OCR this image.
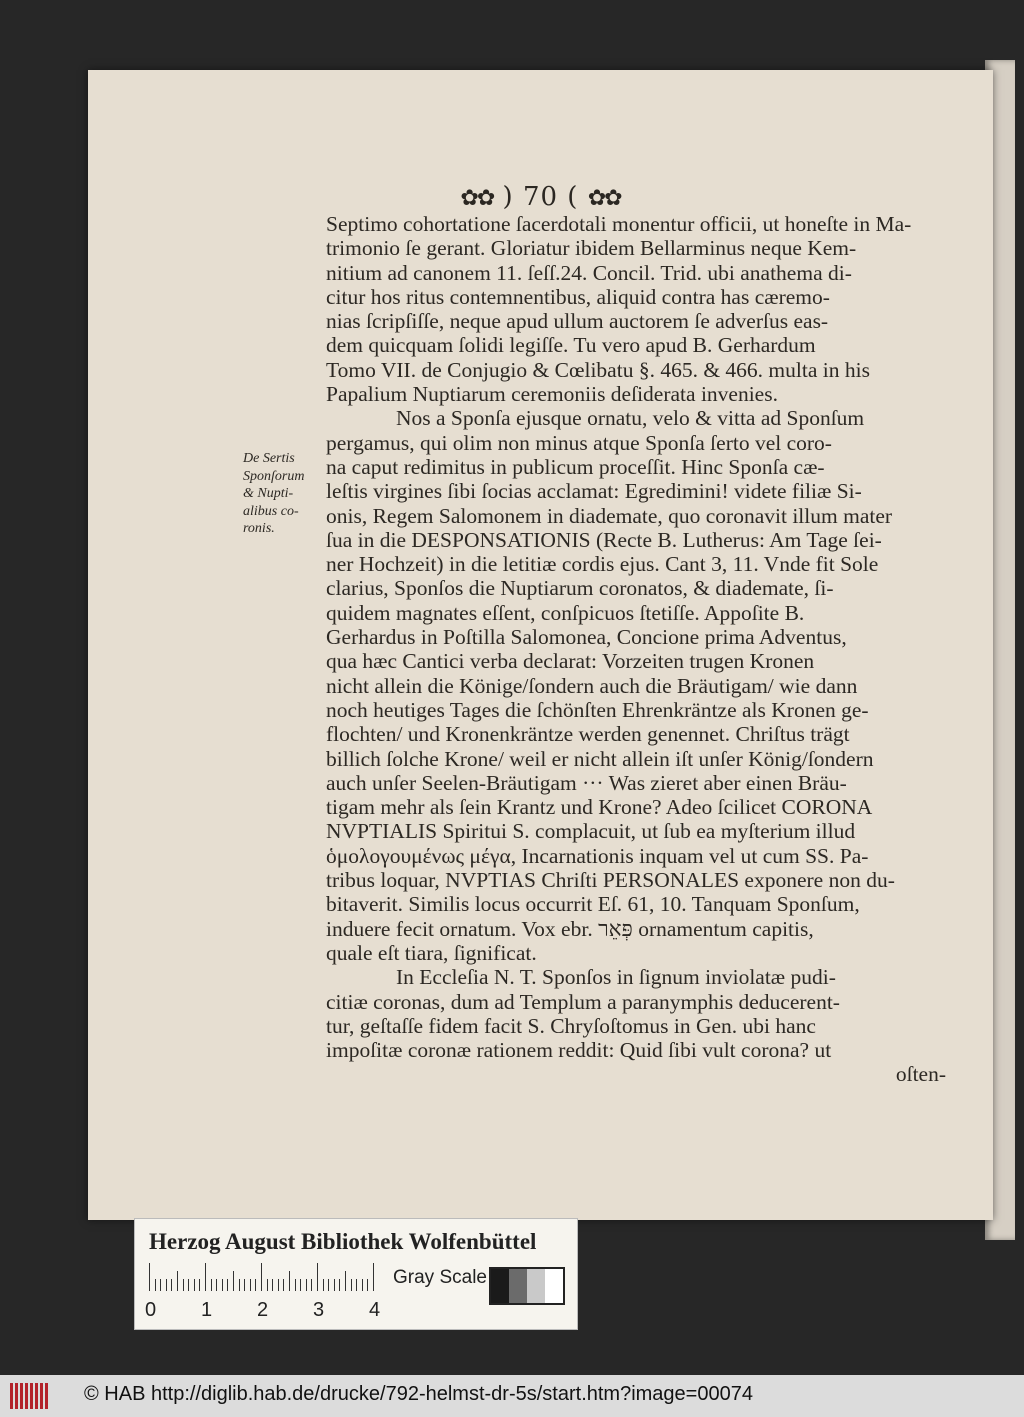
✿✿ ) 70 ( ✿✿
De Sertis
Sponſorum
& Nupti-
alibus co-
ronis.
Septimo cohortatione ſacerdotali monentur officii, ut honeſte in Ma-
trimonio ſe gerant. Gloriatur ibidem Bellarminus neque Kem-
nitium ad canonem 11. ſeſſ.24. Concil. Trid. ubi anathema di-
citur hos ritus contemnentibus, aliquid contra has cæremo-
nias ſcripſiſſe, neque apud ullum auctorem ſe adverſus eas-
dem quicquam ſolidi legiſſe. Tu vero apud B. Gerhardum
Tomo VII. de Conjugio & Cœlibatu §. 465. & 466. multa in his
Papalium Nuptiarum ceremoniis deſiderata invenies.
Nos a Sponſa ejusque ornatu, velo & vitta ad Sponſum
pergamus, qui olim non minus atque Sponſa ſerto vel coro-
na caput redimitus in publicum proceſſit. Hinc Sponſa cæ-
leſtis virgines ſibi ſocias acclamat: Egredimini! videte filiæ Si-
onis, Regem Salomonem in diademate, quo coronavit illum mater
ſua in die DESPONSATIONIS (Recte B. Lutherus: Am Tage ſei-
ner Hochzeit) in die letitiæ cordis ejus. Cant 3, 11. Vnde fit Sole
clarius, Sponſos die Nuptiarum coronatos, & diademate, ſi-
quidem magnates eſſent, conſpicuos ſtetiſſe. Appoſite B.
Gerhardus in Poſtilla Salomonea, Concione prima Adventus,
qua hæc Cantici verba declarat: Vorzeiten trugen Kronen
nicht allein die Könige/ſondern auch die Bräutigam/ wie dann
noch heutiges Tages die ſchönſten Ehrenkräntze als Kronen ge-
flochten/ und Kronenkräntze werden genennet. Chriſtus trägt
billich ſolche Krone/ weil er nicht allein iſt unſer König/ſondern
auch unſer Seelen-Bräutigam ··· Was zieret aber einen Bräu-
tigam mehr als ſein Krantz und Krone? Adeo ſcilicet CORONA
NVPTIALIS Spiritui S. complacuit, ut ſub ea myſterium illud
ὁμολογουμένως μέγα, Incarnationis inquam vel ut cum SS. Pa-
tribus loquar, NVPTIAS Chriſti PERSONALES exponere non du-
bitaverit. Similis locus occurrit Eſ. 61, 10. Tanquam Sponſum,
induere fecit ornatum. Vox ebr. פְּאֵר ornamentum capitis,
quale eſt tiara, ſignificat.
In Eccleſia N. T. Sponſos in ſignum inviolatæ pudi-
citiæ coronas, dum ad Templum a paranymphis deducerent-
tur, geſtaſſe fidem facit S. Chryſoſtomus in Gen. ubi hanc
impoſitæ coronæ rationem reddit: Quid ſibi vult corona? ut
oſten-
Herzog August Bibliothek Wolfenbüttel
0 1 2 3 4
Gray Scale
© HAB http://diglib.hab.de/drucke/792-helmst-dr-5s/start.htm?image=00074
